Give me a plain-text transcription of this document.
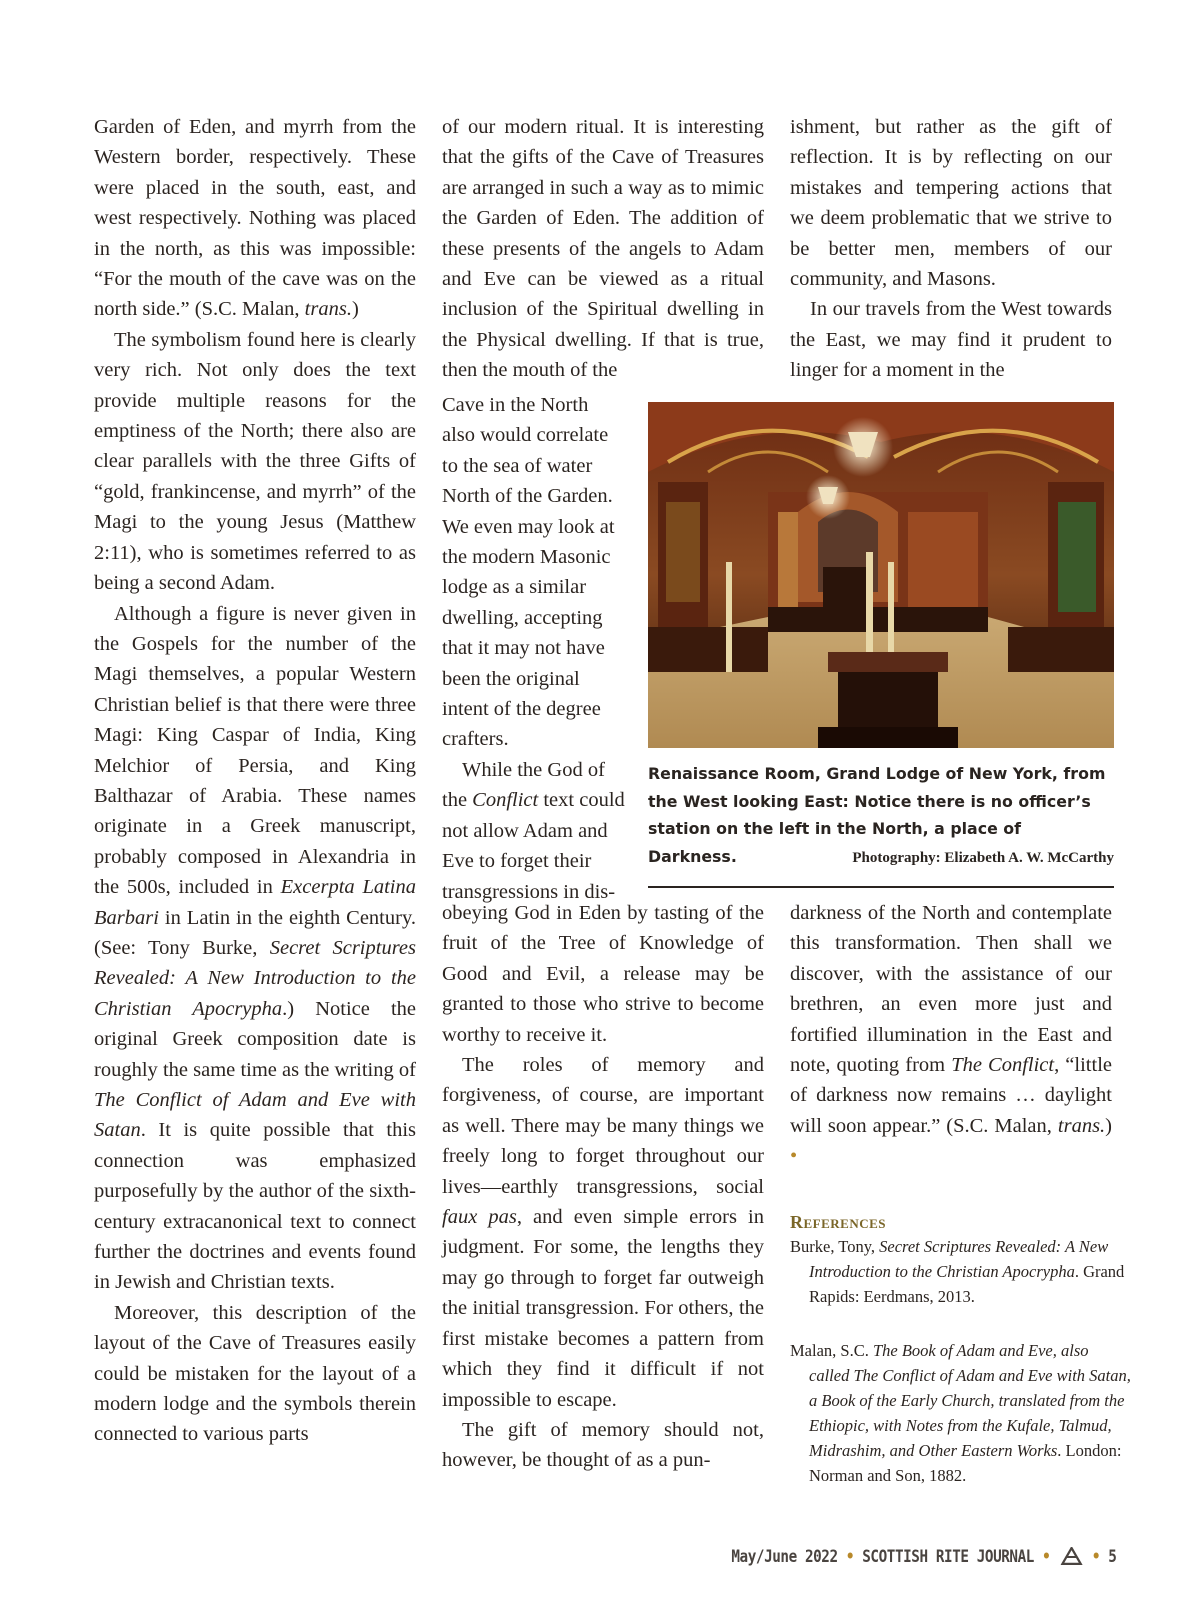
Garden of Eden, and myrrh from the Western border, respectively. These were placed in the south, east, and west respectively. Nothing was placed in the north, as this was impossible: “For the mouth of the cave was on the north side.” (S.C. Malan, trans.)

The symbolism found here is clearly very rich. Not only does the text provide multiple reasons for the emptiness of the North; there also are clear parallels with the three Gifts of “gold, frankincense, and myrrh” of the Magi to the young Jesus (Matthew 2:11), who is sometimes referred to as being a second Adam.

Although a figure is never given in the Gospels for the number of the Magi themselves, a popular Western Christian belief is that there were three Magi: King Caspar of India, King Melchior of Persia, and King Balthazar of Arabia. These names originate in a Greek manuscript, probably composed in Alexandria in the 500s, included in Excerpta Latina Barbari in Latin in the eighth Century. (See: Tony Burke, Secret Scriptures Revealed: A New Introduction to the Christian Apocrypha.) Notice the original Greek composition date is roughly the same time as the writing of The Conflict of Adam and Eve with Satan. It is quite possible that this connection was emphasized purposefully by the author of the sixth-century extracanonical text to connect further the doctrines and events found in Jewish and Christian texts.

Moreover, this description of the layout of the Cave of Treasures easily could be mistaken for the layout of a modern lodge and the symbols therein connected to various parts

of our modern ritual. It is interesting that the gifts of the Cave of Treasures are arranged in such a way as to mimic the Garden of Eden. The addition of these presents of the angels to Adam and Eve can be viewed as a ritual inclusion of the Spiritual dwelling in the Physical dwelling. If that is true, then the mouth of the

Cave in the North also would correlate to the sea of water North of the Garden. We even may look at the modern Masonic lodge as a similar dwelling, accepting that it may not have been the original intent of the degree crafters.

While the God of the Conflict text could not allow Adam and Eve to forget their transgressions in dis-

obeying God in Eden by tasting of the fruit of the Tree of Knowledge of Good and Evil, a release may be granted to those who strive to become worthy to receive it.

The roles of memory and forgiveness, of course, are important as well. There may be many things we freely long to forget throughout our lives—earthly transgressions, social faux pas, and even simple errors in judgment. For some, the lengths they may go through to forget far outweigh the initial transgression. For others, the first mistake becomes a pattern from which they find it difficult if not impossible to escape.

The gift of memory should not, however, be thought of as a pun-

ishment, but rather as the gift of reflection. It is by reflecting on our mistakes and tempering actions that we deem problematic that we strive to be better men, members of our community, and Masons.

In our travels from the West towards the East, we may find it prudent to linger for a moment in the

darkness of the North and contemplate this transformation. Then shall we discover, with the assistance of our brethren, an even more just and fortified illumination in the East and note, quoting from The Conflict, “little of darkness now remains … daylight will soon appear.” (S.C. Malan, trans.) •

Renaissance Room, Grand Lodge of New York, from the West looking East: Notice there is no officer’s station on the left in the North, a place of Darkness.	Photography: Elizabeth A. W. McCarthy
References
Burke, Tony, Secret Scriptures Revealed: A New Introduction to the Christian Apocrypha. Grand Rapids: Eerdmans, 2013.
Malan, S.C. The Book of Adam and Eve, also called The Conflict of Adam and Eve with Satan, a Book of the Early Church, translated from the Ethiopic, with Notes from the Kufale, Talmud, Midrashim, and Other Eastern Works. London: Norman and Son, 1882.
May/June 2022 • SCOTTISH RITE JOURNAL • • 5
